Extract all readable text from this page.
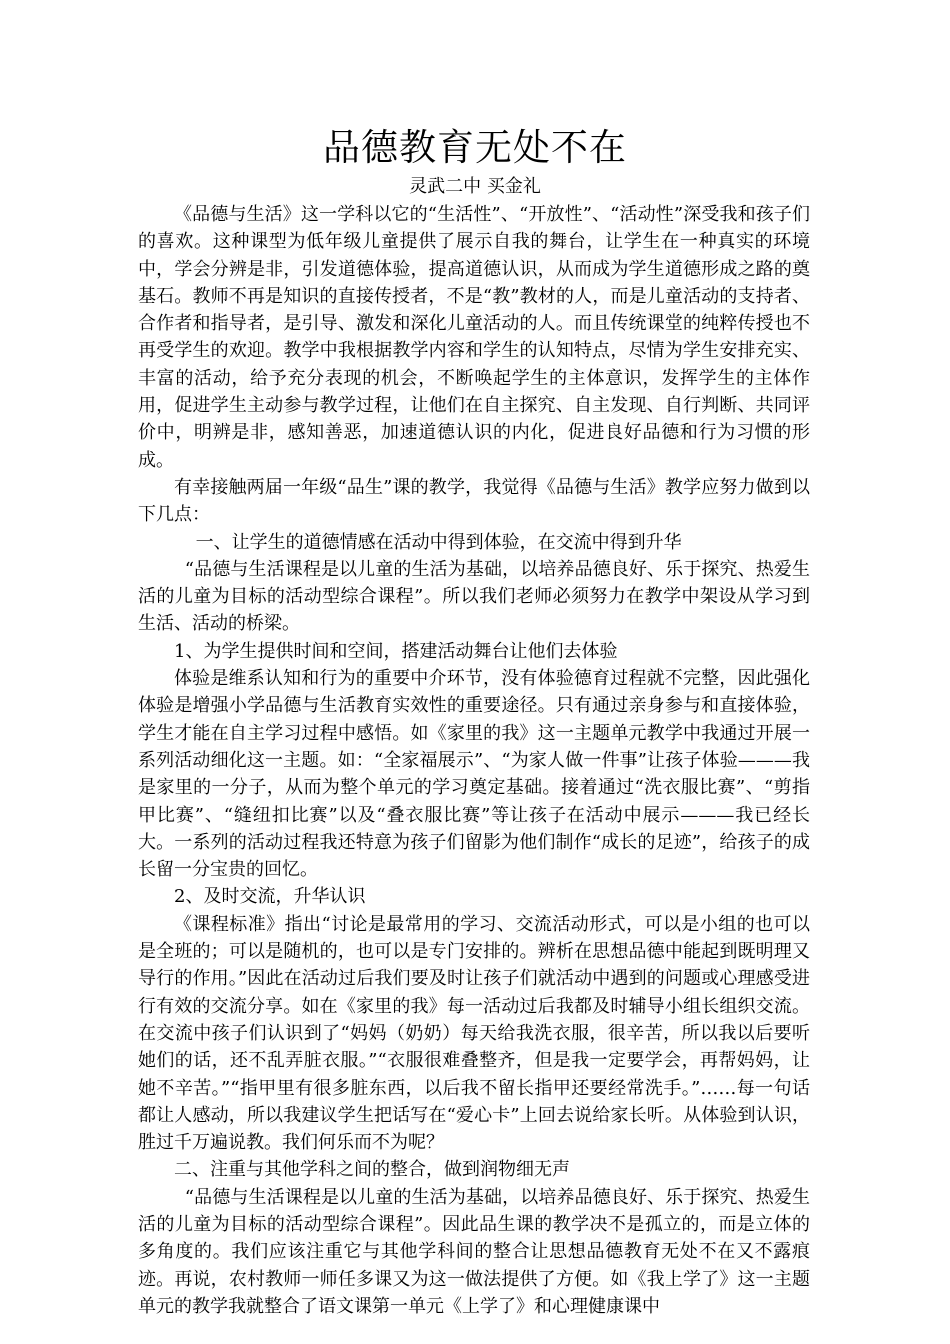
品德教育无处不在
灵武二中 买金礼

《品德与生活》这一学科以它的“生活性”、“开放性”、“活动性”深受我和孩子们的喜欢。这种课型为低年级儿童提供了展示自我的舞台，让学生在一种真实的环境中，学会分辨是非，引发道德体验，提高道德认识，从而成为学生道德形成之路的奠基石。教师不再是知识的直接传授者，不是“教”教材的人，而是儿童活动的支持者、合作者和指导者，是引导、激发和深化儿童活动的人。而且传统课堂的纯粹传授也不再受学生的欢迎。教学中我根据教学内容和学生的认知特点，尽情为学生安排充实、丰富的活动，给予充分表现的机会，不断唤起学生的主体意识，发挥学生的主体作用，促进学生主动参与教学过程，让他们在自主探究、自主发现、自行判断、共同评价中，明辨是非，感知善恶，加速道德认识的内化，促进良好品德和行为习惯的形成。

有幸接触两届一年级“品生”课的教学，我觉得《品德与生活》教学应努力做到以下几点：

一、让学生的道德情感在活动中得到体验，在交流中得到升华

“品德与生活课程是以儿童的生活为基础，以培养品德良好、乐于探究、热爱生活的儿童为目标的活动型综合课程”。所以我们老师必须努力在教学中架设从学习到生活、活动的桥梁。

1、为学生提供时间和空间，搭建活动舞台让他们去体验

体验是维系认知和行为的重要中介环节，没有体验德育过程就不完整，因此强化体验是增强小学品德与生活教育实效性的重要途径。只有通过亲身参与和直接体验，学生才能在自主学习过程中感悟。如《家里的我》这一主题单元教学中我通过开展一系列活动细化这一主题。如：“全家福展示”、“为家人做一件事”让孩子体验———我是家里的一分子，从而为整个单元的学习奠定基础。接着通过“洗衣服比赛”、“剪指甲比赛”、“缝纽扣比赛”以及“叠衣服比赛”等让孩子在活动中展示———我已经长大。一系列的活动过程我还特意为孩子们留影为他们制作“成长的足迹”，给孩子的成长留一分宝贵的回忆。

2、及时交流，升华认识

《课程标准》指出“讨论是最常用的学习、交流活动形式，可以是小组的也可以是全班的；可以是随机的，也可以是专门安排的。辨析在思想品德中能起到既明理又导行的作用。”因此在活动过后我们要及时让孩子们就活动中遇到的问题或心理感受进行有效的交流分享。如在《家里的我》每一活动过后我都及时辅导小组长组织交流。在交流中孩子们认识到了“妈妈（奶奶）每天给我洗衣服，很辛苦，所以我以后要听她们的话，还不乱弄脏衣服。”“衣服很难叠整齐，但是我一定要学会，再帮妈妈，让她不辛苦。”“指甲里有很多脏东西，以后我不留长指甲还要经常洗手。”……每一句话都让人感动，所以我建议学生把话写在“爱心卡”上回去说给家长听。从体验到认识，胜过千万遍说教。我们何乐而不为呢？

二、注重与其他学科之间的整合，做到润物细无声

“品德与生活课程是以儿童的生活为基础，以培养品德良好、乐于探究、热爱生活的儿童为目标的活动型综合课程”。因此品生课的教学决不是孤立的，而是立体的多角度的。我们应该注重它与其他学科间的整合让思想品德教育无处不在又不露痕迹。再说，农村教师一师任多课又为这一做法提供了方便。如《我上学了》这一主题单元的教学我就整合了语文课第一单元《上学了》和心理健康课中
